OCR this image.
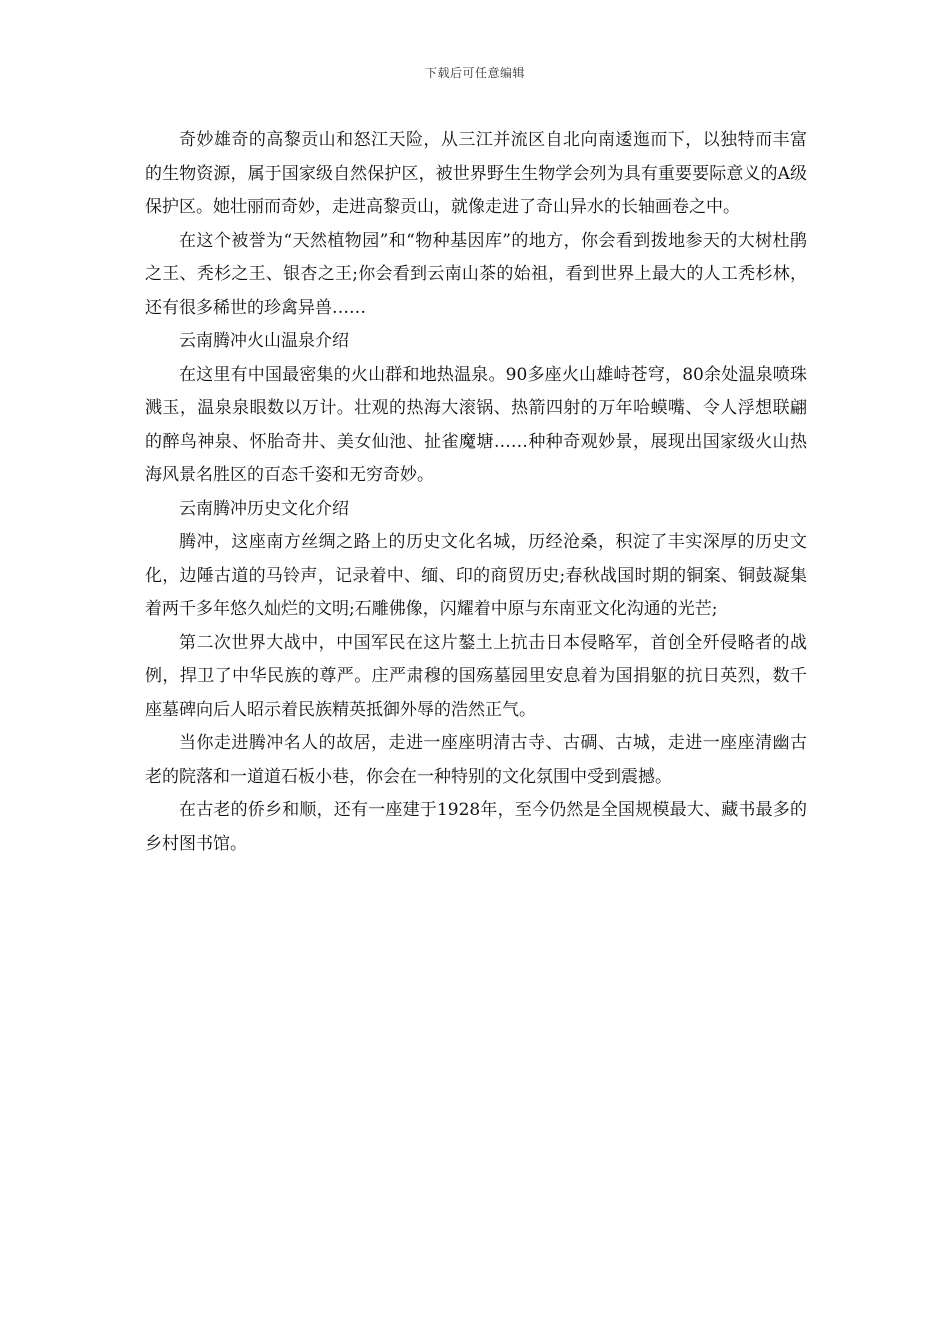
下载后可任意编辑

奇妙雄奇的高黎贡山和怒江天险，从三江并流区自北向南逶迤而下，以独特而丰富的生物资源，属于国家级自然保护区，被世界野生生物学会列为具有重要要际意义的A级保护区。她壮丽而奇妙，走进高黎贡山，就像走进了奇山异水的长轴画卷之中。

在这个被誉为“天然植物园”和“物种基因库”的地方，你会看到拨地参天的大树杜鹃之王、秃杉之王、银杏之王;你会看到云南山茶的始祖，看到世界上最大的人工秃杉林，还有很多稀世的珍禽异兽……

云南腾冲火山温泉介绍

在这里有中国最密集的火山群和地热温泉。90多座火山雄峙苍穹，80余处温泉喷珠溅玉，温泉泉眼数以万计。壮观的热海大滚锅、热箭四射的万年哈蟆嘴、令人浮想联翩的醉鸟神泉、怀胎奇井、美女仙池、扯雀魔塘……种种奇观妙景，展现出国家级火山热海风景名胜区的百态千姿和无穷奇妙。

云南腾冲历史文化介绍

腾冲，这座南方丝绸之路上的历史文化名城，历经沧桑，积淀了丰实深厚的历史文化，边陲古道的马铃声，记录着中、缅、印的商贸历史;春秋战国时期的铜案、铜鼓凝集着两千多年悠久灿烂的文明;石雕佛像，闪耀着中原与东南亚文化沟通的光芒;

第二次世界大战中，中国军民在这片鏊土上抗击日本侵略军，首创全歼侵略者的战例，捍卫了中华民族的尊严。庄严肃穆的国殇墓园里安息着为国捐躯的抗日英烈，数千座墓碑向后人昭示着民族精英抵御外辱的浩然正气。

当你走进腾冲名人的故居，走进一座座明清古寺、古碉、古城，走进一座座清幽古老的院落和一道道石板小巷，你会在一种特别的文化氛围中受到震撼。

在古老的侨乡和顺，还有一座建于1928年，至今仍然是全国规模最大、藏书最多的乡村图书馆。
